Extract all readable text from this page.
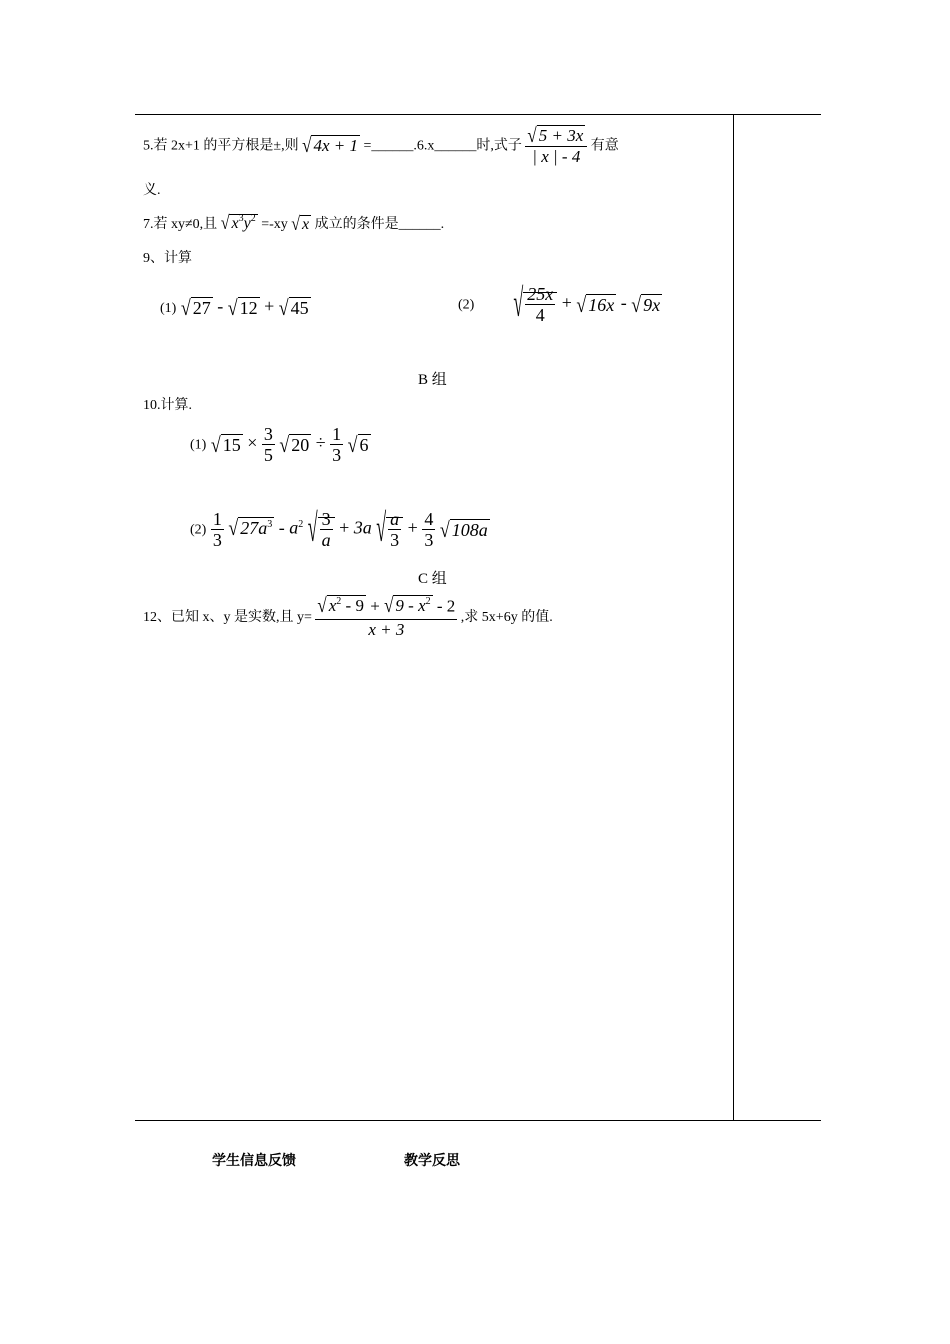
5.若 2x+1 的平方根是±,则 √ 4x + 1 =______.6.x______时,式子 $\frac{√ 5 + 3x}{| x | - 4}$ 有意
义.
7.若 xy≠0,且 √ $x^3y^2 =-xy$ √ x 成立的条件是______.
9、计算
(1) √ 27 - √ 12 + √ 45	(2) √ $\frac{25x}{4}$ + √ 16x - √ 9x
B 组
10.计算.
(1) √ $15 \times \frac{3}{5}$ √ $20 \div \frac{1}{3}$ √ 6
$(2) \frac{1}{3}$ √ $27a^3 - a^2$ √ $\frac{3}{a} + 3a$ √ $\frac{a}{3} + \frac{4}{3}$ √ 108a
C 组
12、已知 x、y 是实数,且 $y= \frac{√ x^2 - 9 + √ 9 - x^2 - 2}{x + 3}$ ,求 5x+6y 的值.
学生信息反馈	教学反思
